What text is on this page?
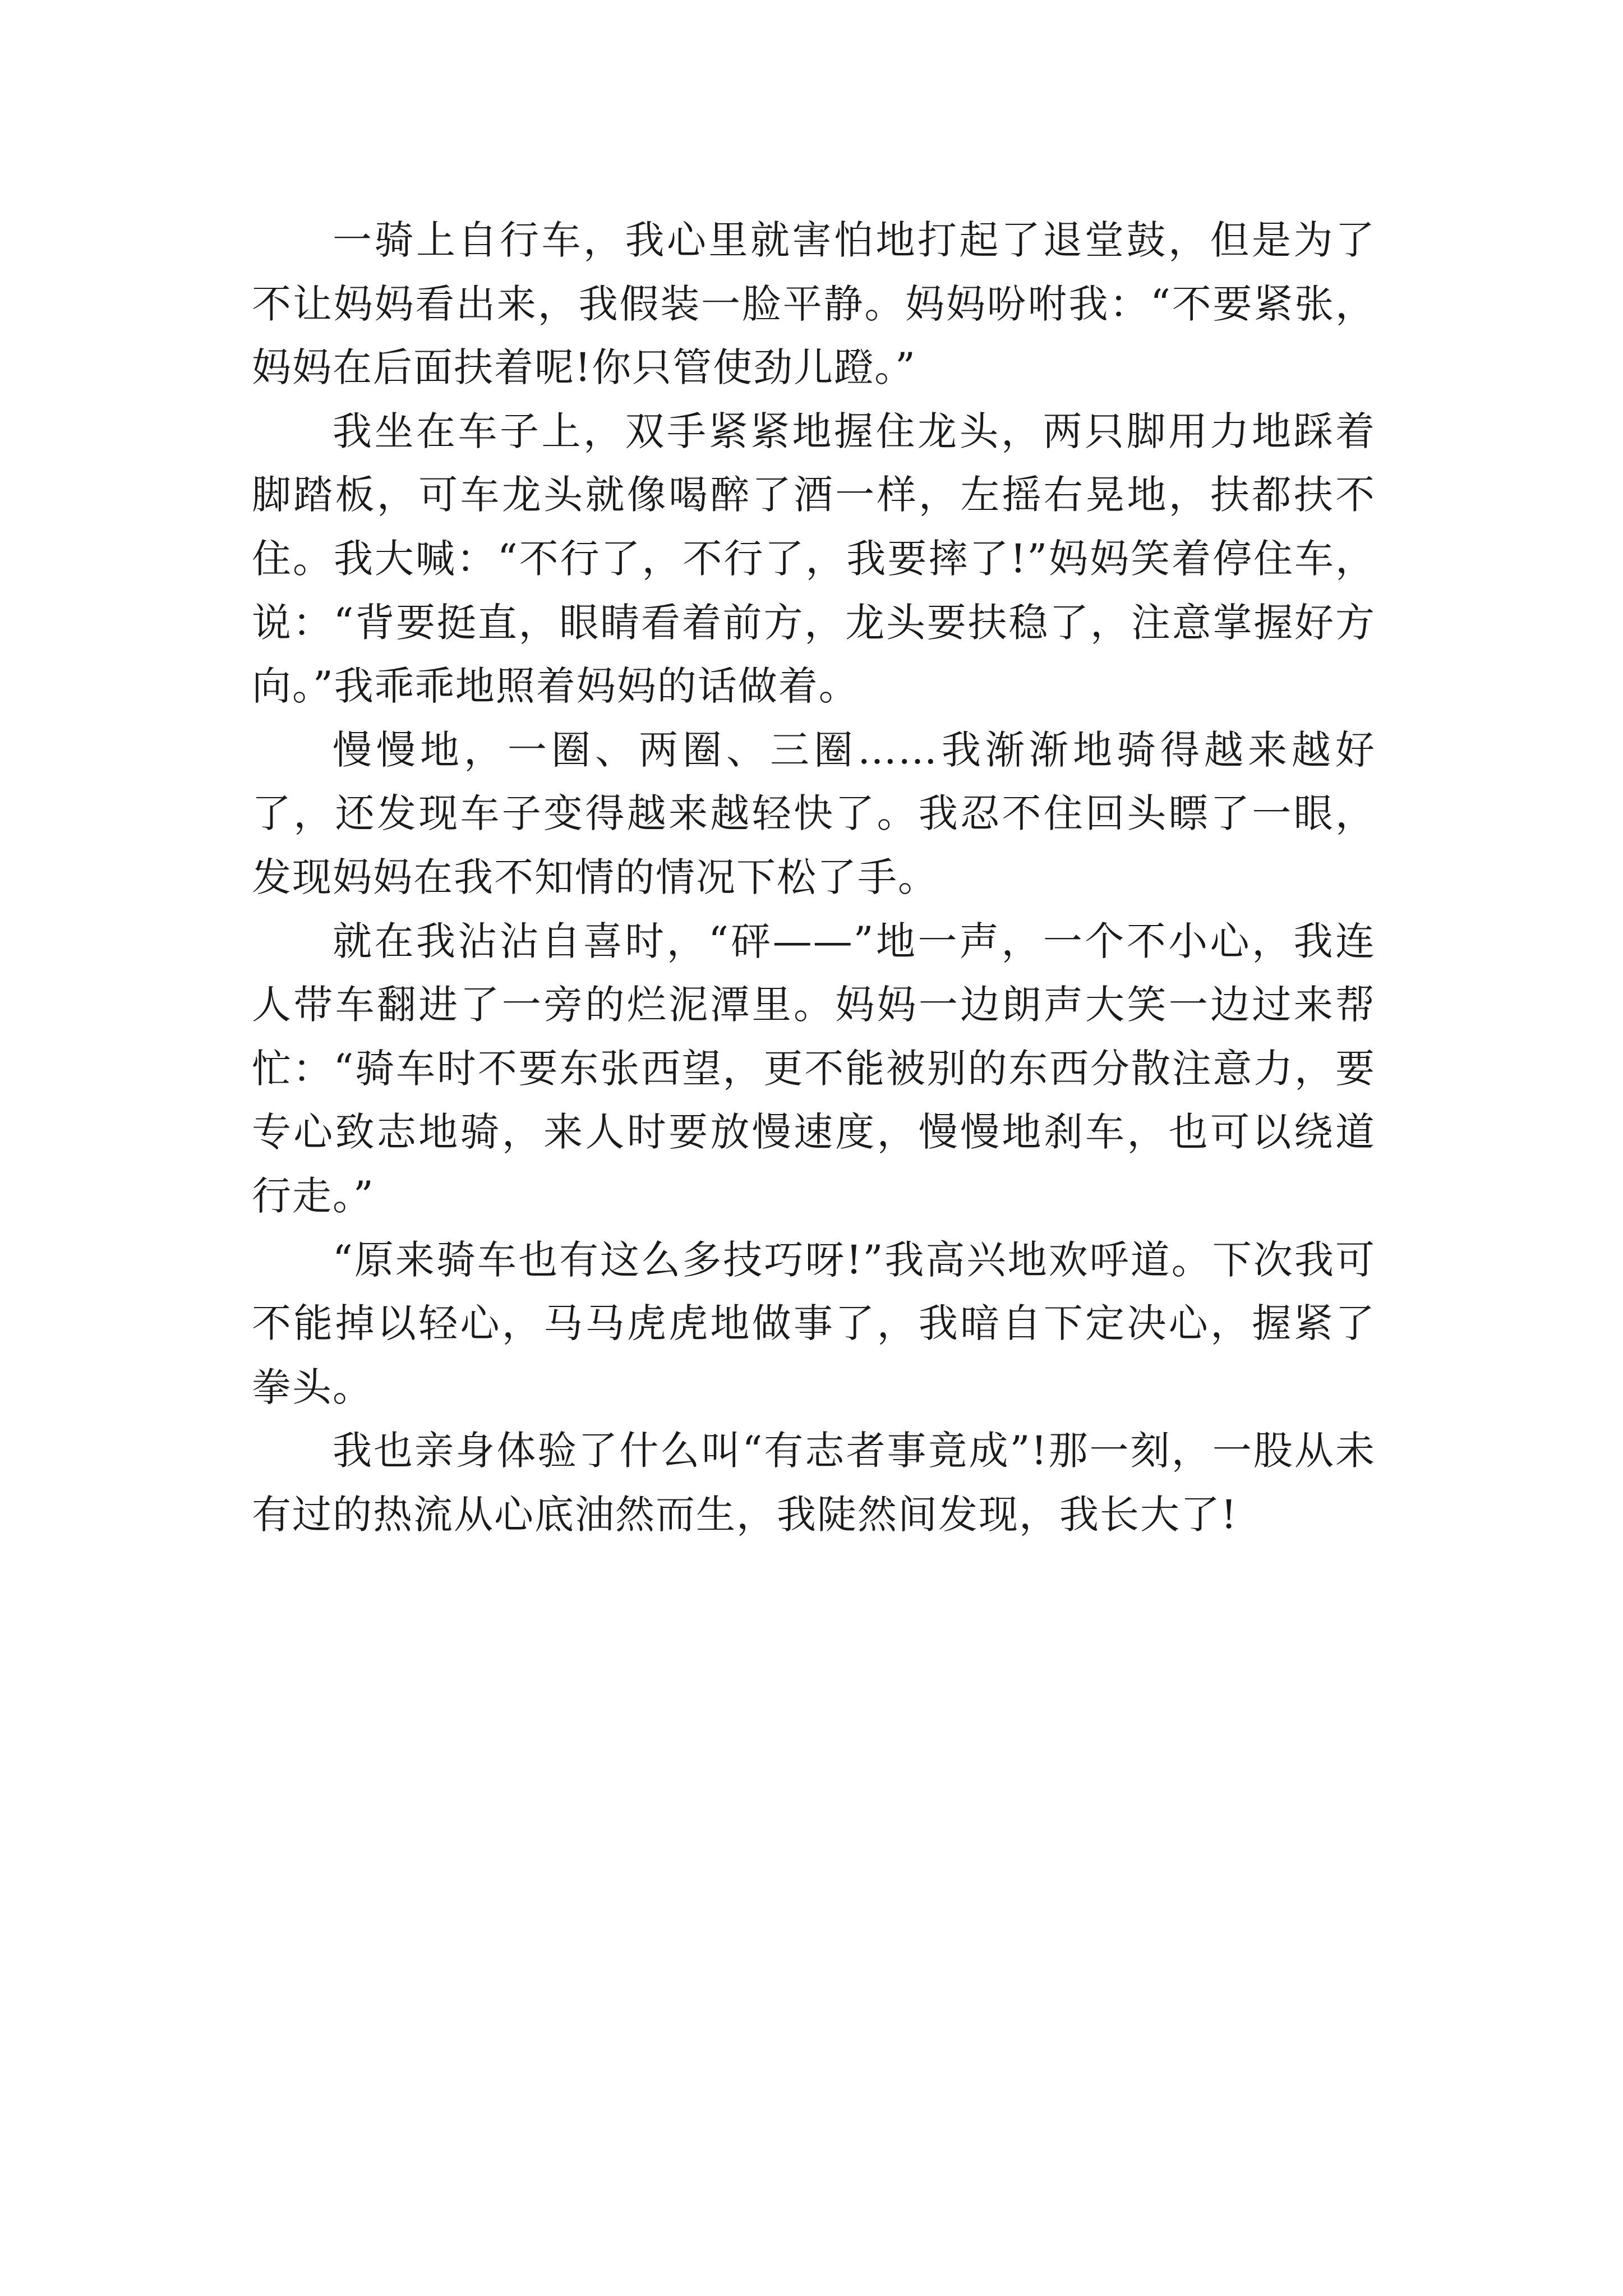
一骑上自行车，我心里就害怕地打起了退堂鼓，但是为了不让妈妈看出来，我假装一脸平静。妈妈吩咐我：“不要紧张，妈妈在后面扶着呢!你只管使劲儿蹬。”

我坐在车子上，双手紧紧地握住龙头，两只脚用力地踩着脚踏板，可车龙头就像喝醉了酒一样，左摇右晃地，扶都扶不住。我大喊：“不行了，不行了，我要摔了!”妈妈笑着停住车，说：“背要挺直，眼睛看着前方，龙头要扶稳了，注意掌握好方向。”我乖乖地照着妈妈的话做着。

慢慢地，一圈、两圈、三圈……我渐渐地骑得越来越好了，还发现车子变得越来越轻快了。我忍不住回头瞟了一眼，发现妈妈在我不知情的情况下松了手。

就在我沾沾自喜时，“砰——”地一声，一个不小心，我连人带车翻进了一旁的烂泥潭里。妈妈一边朗声大笑一边过来帮忙：“骑车时不要东张西望，更不能被别的东西分散注意力，要专心致志地骑，来人时要放慢速度，慢慢地刹车，也可以绕道行走。”

“原来骑车也有这么多技巧呀!”我高兴地欢呼道。下次我可不能掉以轻心，马马虎虎地做事了，我暗自下定决心，握紧了拳头。

我也亲身体验了什么叫“有志者事竟成”!那一刻，一股从未有过的热流从心底油然而生，我陡然间发现，我长大了!
